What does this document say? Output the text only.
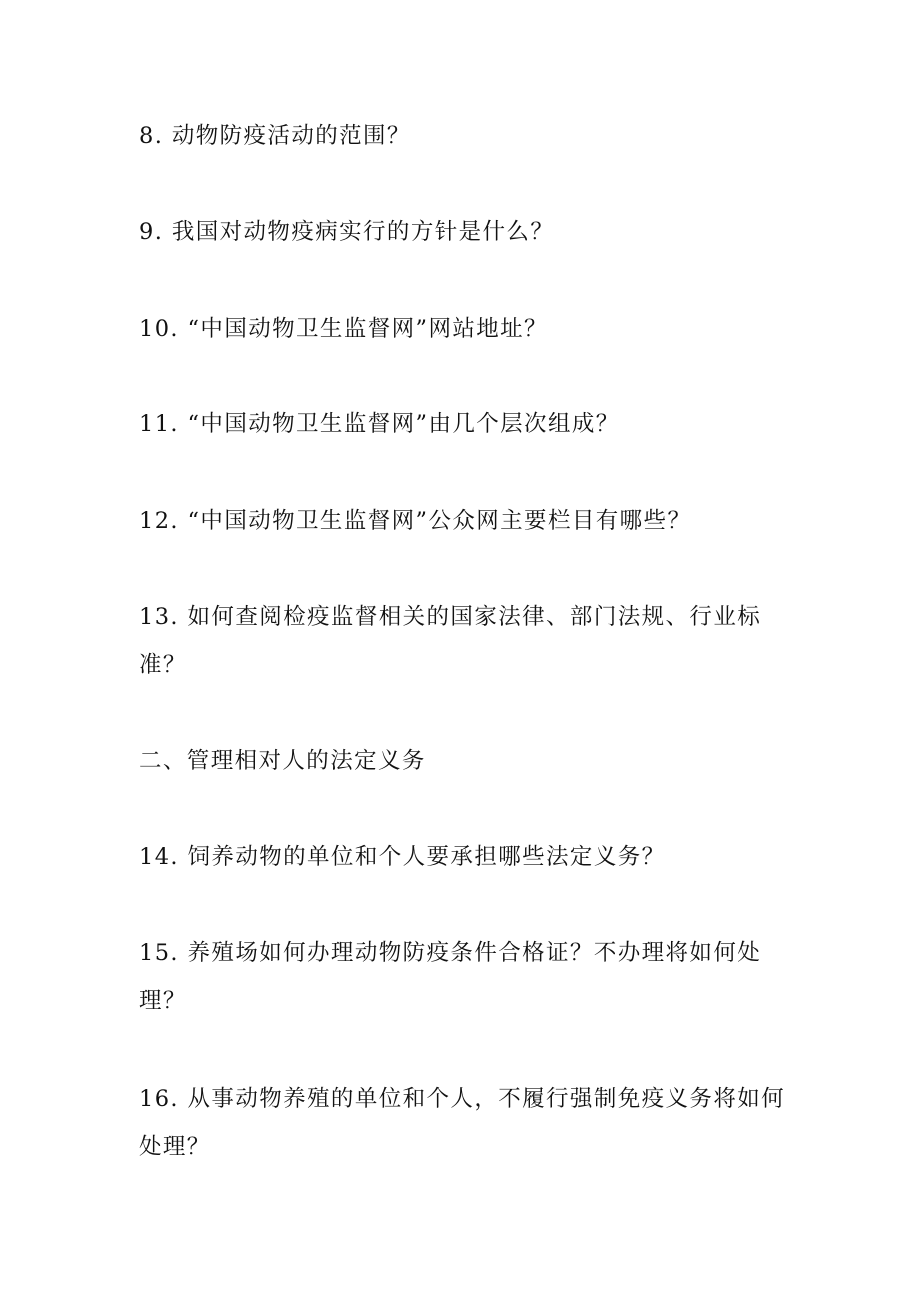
8. 动物防疫活动的范围？
9. 我国对动物疫病实行的方针是什么？
10. “中国动物卫生监督网”网站地址？
11. “中国动物卫生监督网”由几个层次组成？
12. “中国动物卫生监督网”公众网主要栏目有哪些？
13. 如何查阅检疫监督相关的国家法律、部门法规、行业标准？
二、管理相对人的法定义务
14. 饲养动物的单位和个人要承担哪些法定义务？
15. 养殖场如何办理动物防疫条件合格证？不办理将如何处理？
16. 从事动物养殖的单位和个人，不履行强制免疫义务将如何处理？
